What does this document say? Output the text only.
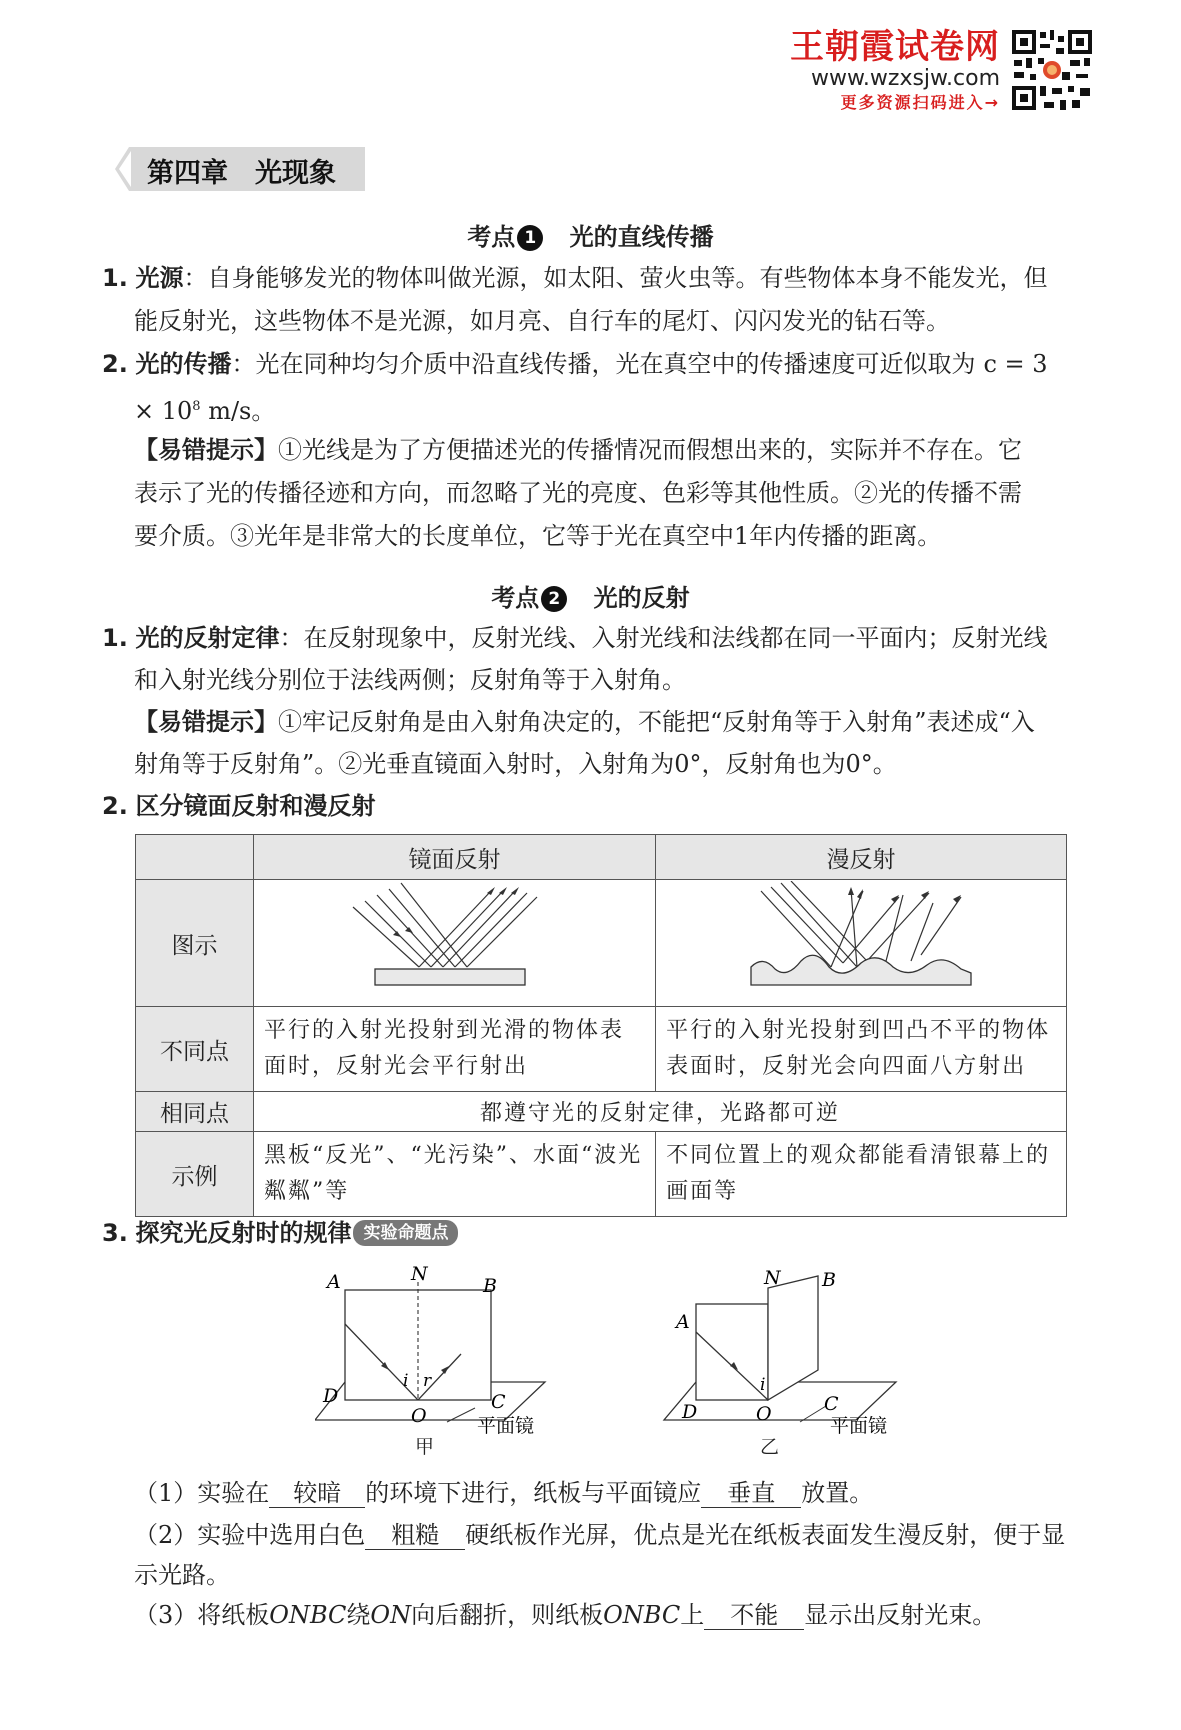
王朝霞试卷网
www.wzxsjw.com
更多资源扫码进入→
第四章　光现象
考点 1 光的直线传播
1. 光源：自身能够发光的物体叫做光源，如太阳、萤火虫等。有些物体本身不能发光，但
能反射光，这些物体不是光源，如月亮、自行车的尾灯、闪闪发光的钻石等。
2. 光的传播：光在同种均匀介质中沿直线传播，光在真空中的传播速度可近似取为 c = 3
× $10^8$ m/s。
【易错提示】①光线是为了方便描述光的传播情况而假想出来的，实际并不存在。它
表示了光的传播径迹和方向，而忽略了光的亮度、色彩等其他性质。②光的传播不需
要介质。③光年是非常大的长度单位，它等于光在真空中1年内传播的距离。
考点 2 光的反射
1. 光的反射定律：在反射现象中，反射光线、入射光线和法线都在同一平面内；反射光线
和入射光线分别位于法线两侧；反射角等于入射角。
【易错提示】①牢记反射角是由入射角决定的，不能把“反射角等于入射角”表述成“入
射角等于反射角”。②光垂直镜面入射时，入射角为0°，反射角也为0°。
2. 区分镜面反射和漫反射
	镜面反射	漫反射
图示		
不同点	平行的入射光投射到光滑的物体表面时，反射光会平行射出	平行的入射光投射到凹凸不平的物体表面时，反射光会向四面八方射出
相同点	都遵守光的反射定律，光路都可逆	
示例	黑板“反光”、“光污染”、水面“波光粼粼”等	不同位置上的观众都能看清银幕上的画面等
3. 探究光反射时的规律 实验命题点
A	N
B
D	C
O
i r
平面镜
甲
A
N B
D	C
O
i
平面镜
乙
（1）实验在 较暗 的环境下进行，纸板与平面镜应 垂直 放置。
（2）实验中选用白色 粗糙 硬纸板作光屏，优点是光在纸板表面发生漫反射，便于显
示光路。
（3）将纸板ONBC绕ON向后翻折，则纸板ONBC上 不能 显示出反射光束。
